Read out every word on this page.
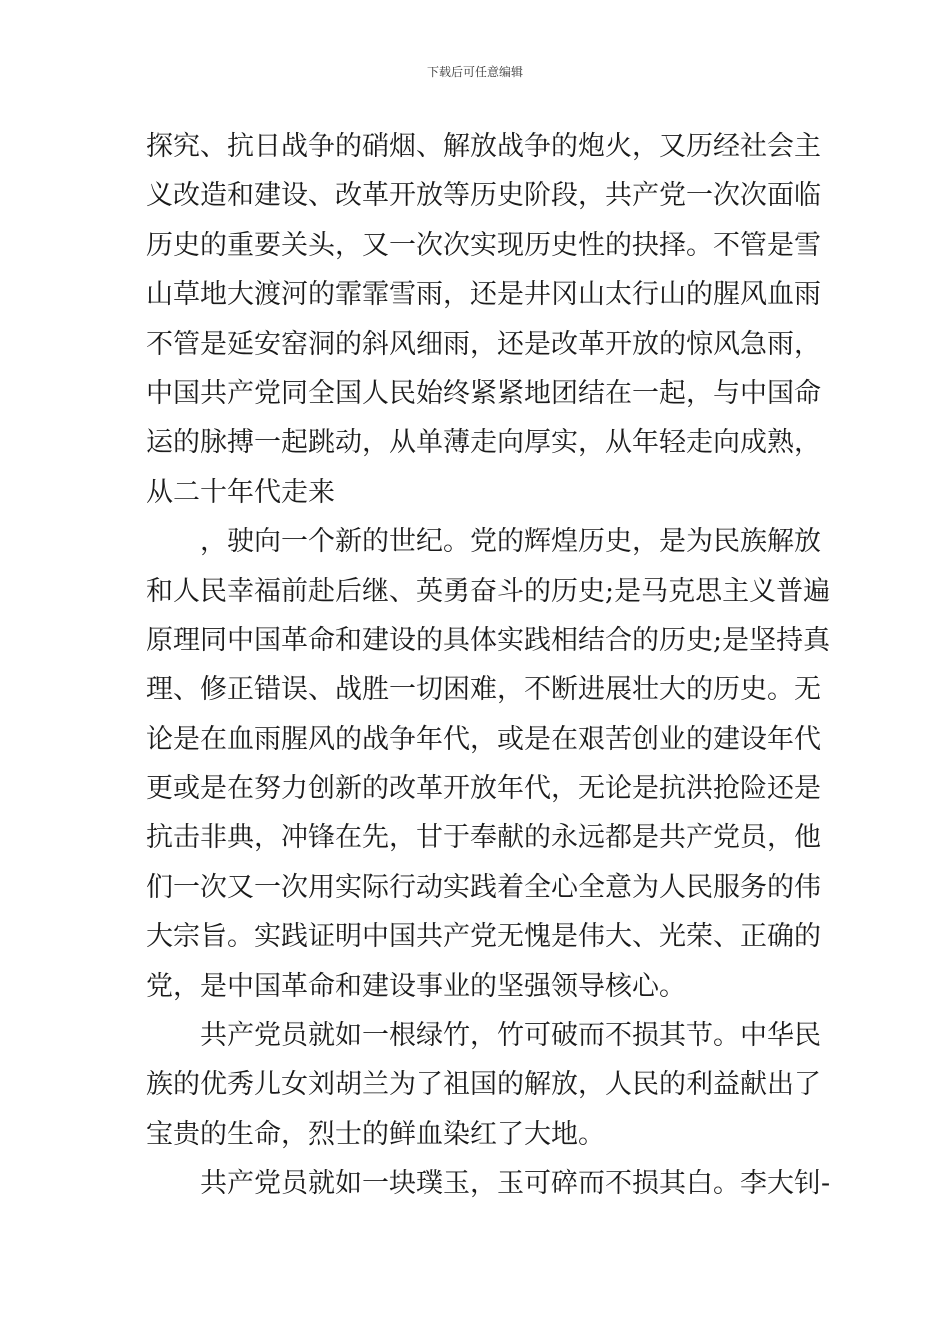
下载后可任意编辑
探究、抗日战争的硝烟、解放战争的炮火，又历经社会主
义改造和建设、改革开放等历史阶段，共产党一次次面临
历史的重要关头，又一次次实现历史性的抉择。不管是雪
山草地大渡河的霏霏雪雨，还是井冈山太行山的腥风血雨
不管是延安窑洞的斜风细雨，还是改革开放的惊风急雨，
中国共产党同全国人民始终紧紧地团结在一起，与中国命
运的脉搏一起跳动，从单薄走向厚实，从年轻走向成熟，
从二十年代走来
，驶向一个新的世纪。党的辉煌历史，是为民族解放
和人民幸福前赴后继、英勇奋斗的历史;是马克思主义普遍
原理同中国革命和建设的具体实践相结合的历史;是坚持真
理、修正错误、战胜一切困难，不断进展壮大的历史。无
论是在血雨腥风的战争年代，或是在艰苦创业的建设年代
更或是在努力创新的改革开放年代，无论是抗洪抢险还是
抗击非典，冲锋在先，甘于奉献的永远都是共产党员，他
们一次又一次用实际行动实践着全心全意为人民服务的伟
大宗旨。实践证明中国共产党无愧是伟大、光荣、正确的
党，是中国革命和建设事业的坚强领导核心。
共产党员就如一根绿竹，竹可破而不损其节。中华民
族的优秀儿女刘胡兰为了祖国的解放，人民的利益献出了
宝贵的生命，烈士的鲜血染红了大地。
共产党员就如一块璞玉，玉可碎而不损其白。李大钊-
